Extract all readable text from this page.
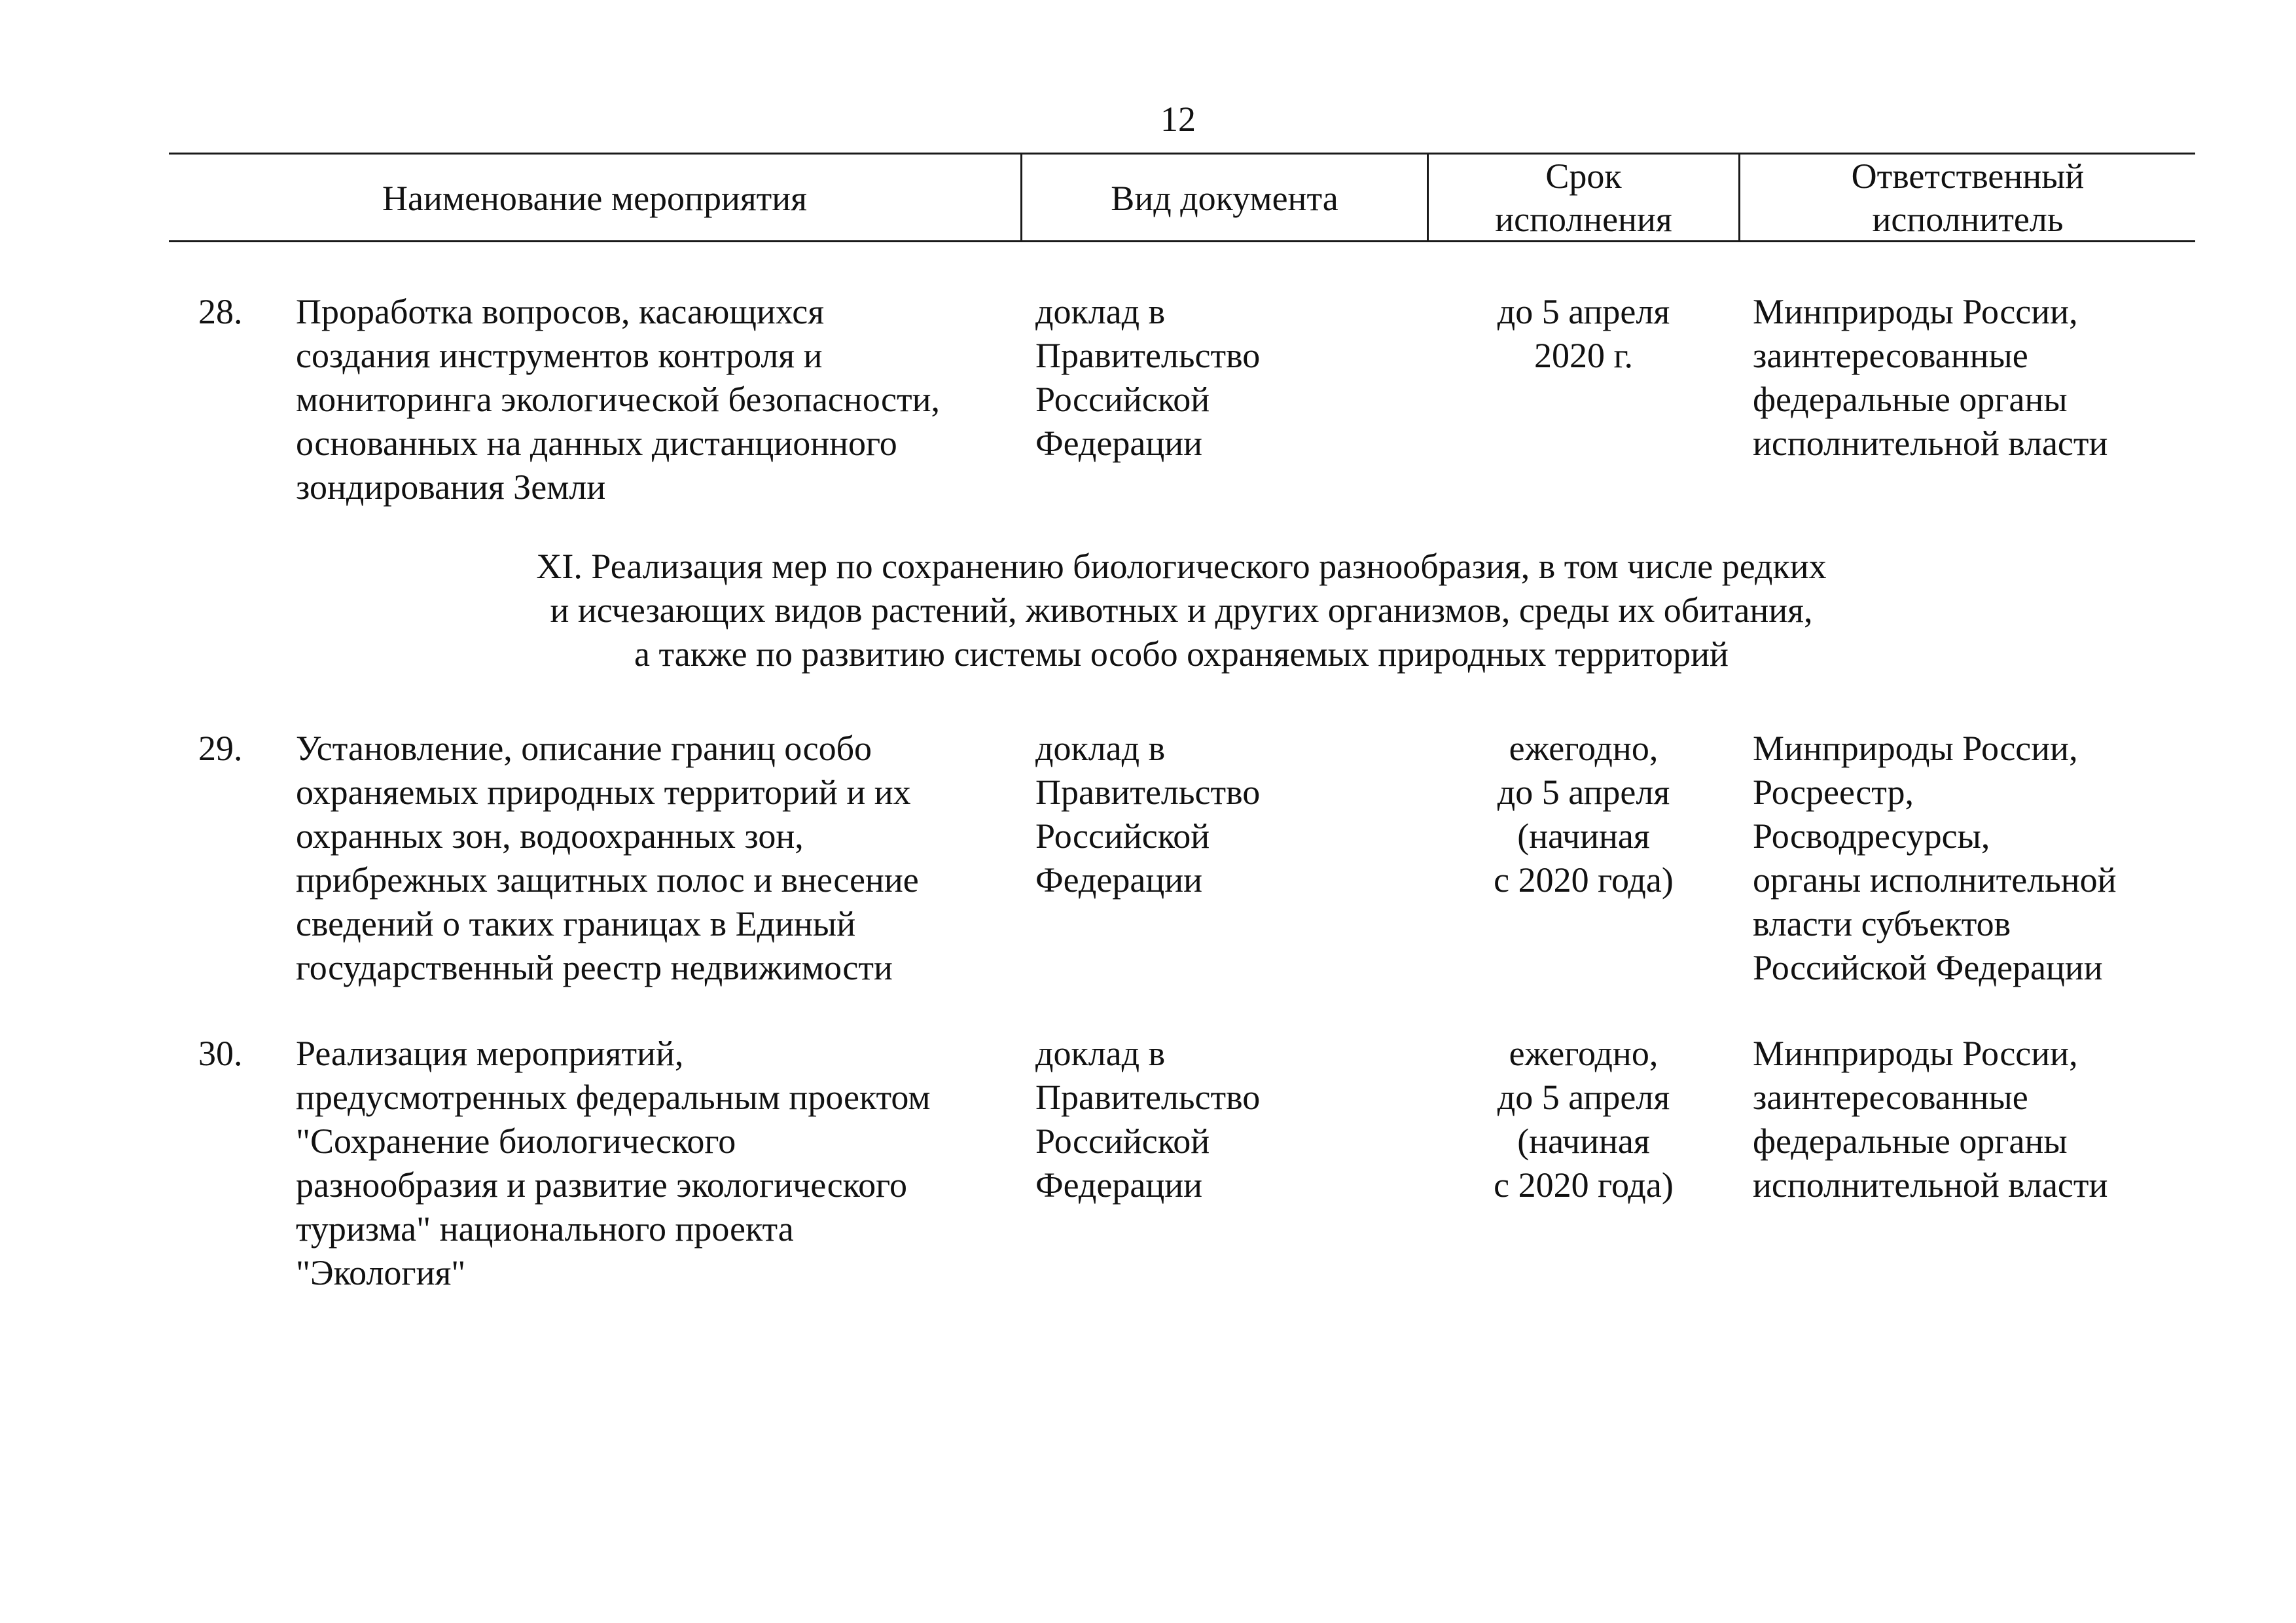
12
Наименование мероприятия	Вид документа
Срок
исполнения
Ответственный
исполнитель
28. Проработка вопросов, касающихся
создания инструментов контроля и
мониторинга экологической безопасности,
основанных на данных дистанционного
зондирования Земли
доклад в
Правительство
Российской
Федерации
до 5 апреля
2020 г.
Минприроды России,
заинтересованные
федеральные органы
исполнительной власти
XI. Реализация мер по сохранению биологического разнообразия, в том числе редких
и исчезающих видов растений, животных и других организмов, среды их обитания,
а также по развитию системы особо охраняемых природных территорий
29. Установление, описание границ особо
охраняемых природных территорий и их
охранных зон, водоохранных зон,
прибрежных защитных полос и внесение
сведений о таких границах в Единый
государственный реестр недвижимости
доклад в
Правительство
Российской
Федерации
ежегодно,
до 5 апреля
(начиная
с 2020 года)
Минприроды России,
Росреестр,
Росводресурсы,
органы исполнительной
власти субъектов
Российской Федерации
30. Реализация мероприятий,
предусмотренных федеральным проектом
"Сохранение биологического
разнообразия и развитие экологического
туризма" национального проекта
"Экология"
доклад в
Правительство
Российской
Федерации
ежегодно,
до 5 апреля
(начиная
с 2020 года)
Минприроды России,
заинтересованные
федеральные органы
исполнительной власти
